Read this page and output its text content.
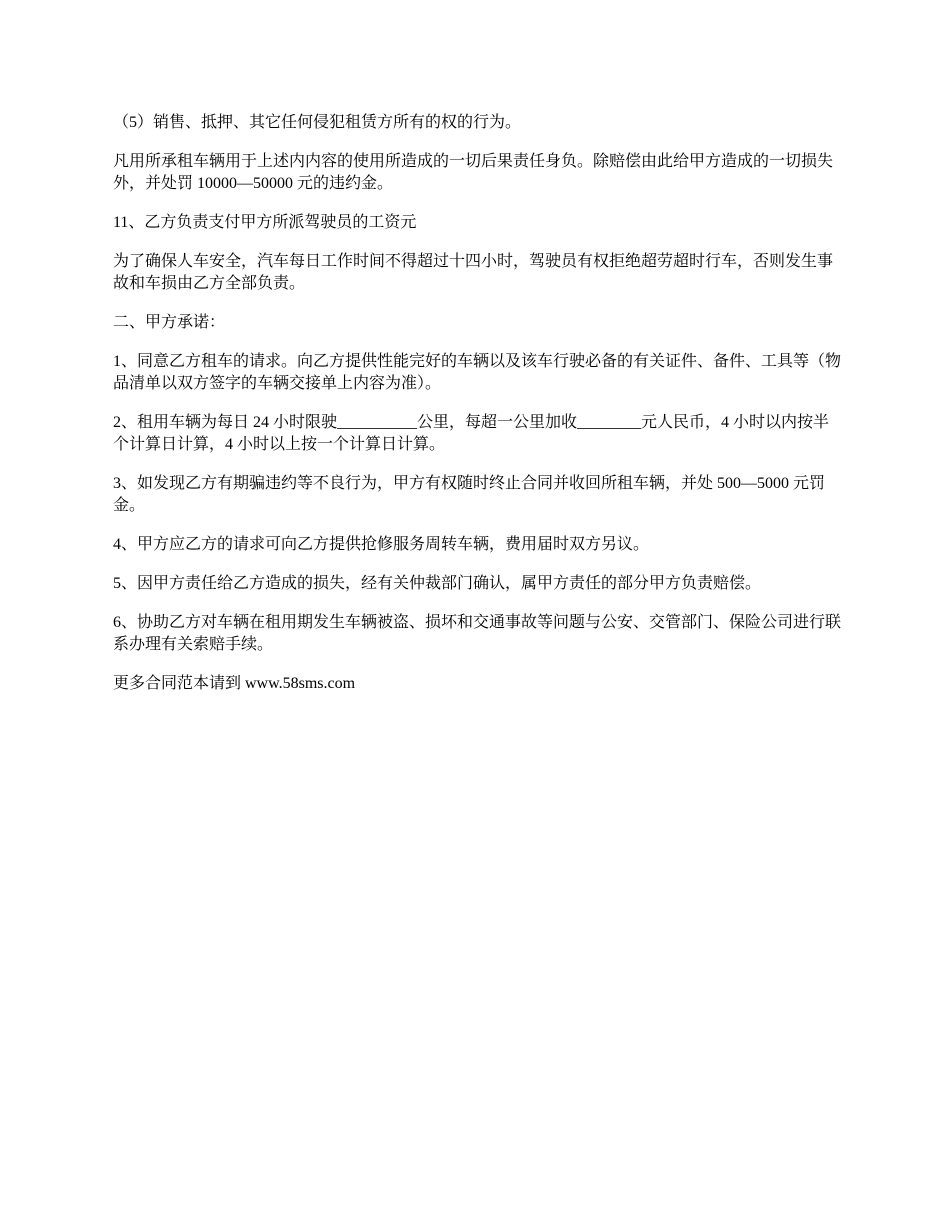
（5）销售、抵押、其它任何侵犯租赁方所有的权的行为。

凡用所承租车辆用于上述内内容的使用所造成的一切后果责任身负。除赔偿由此给甲方造成的一切损失外，并处罚 10000—50000 元的违约金。

11、乙方负责支付甲方所派驾驶员的工资元

为了确保人车安全，汽车每日工作时间不得超过十四小时，驾驶员有权拒绝超劳超时行车，否则发生事故和车损由乙方全部负责。

二、甲方承诺：

1、同意乙方租车的请求。向乙方提供性能完好的车辆以及该车行驶必备的有关证件、备件、工具等（物品清单以双方签字的车辆交接单上内容为准）。

2、租用车辆为每日 24 小时限驶__________公里，每超一公里加收________元人民币，4 小时以内按半个计算日计算，4 小时以上按一个计算日计算。

3、如发现乙方有期骗违约等不良行为，甲方有权随时终止合同并收回所租车辆，并处 500—5000 元罚金。

4、甲方应乙方的请求可向乙方提供抢修服务周转车辆，费用届时双方另议。

5、因甲方责任给乙方造成的损失，经有关仲裁部门确认，属甲方责任的部分甲方负责赔偿。

6、协助乙方对车辆在租用期发生车辆被盗、损坏和交通事故等问题与公安、交管部门、保险公司进行联系办理有关索赔手续。

更多合同范本请到 www.58sms.com
